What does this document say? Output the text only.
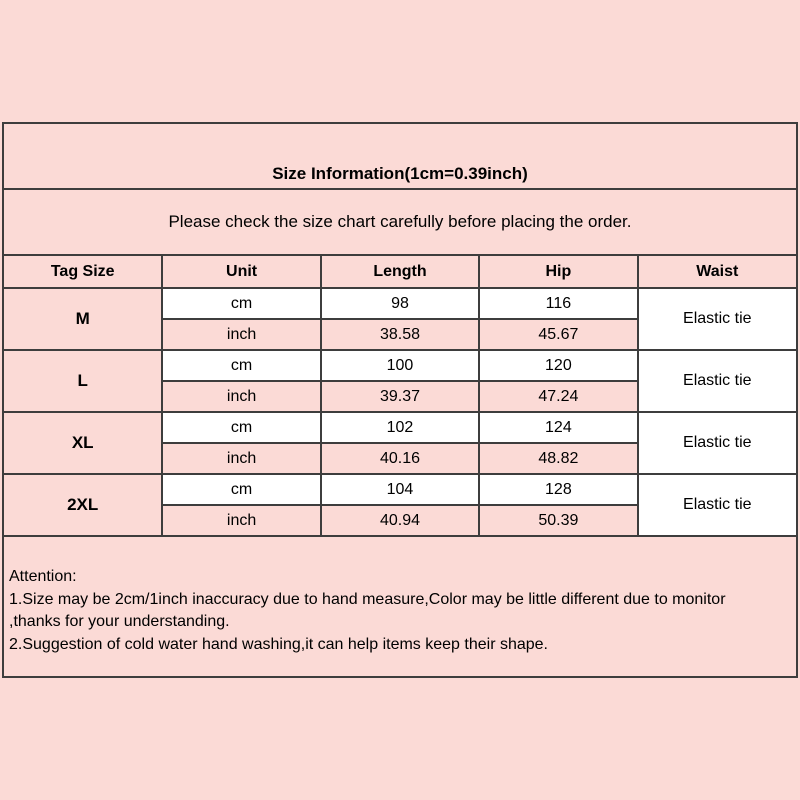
Size Information(1cm=0.39inch)
Please check the size chart carefully before placing the order.
Tag Size	Unit	Length	Hip	Waist
M	cm	98	116	Elastic tie
	inch	38.58	45.67	
L	cm	100	120	Elastic tie
	inch	39.37	47.24	
XL	cm	102	124	Elastic tie
	inch	40.16	48.82	
2XL	cm	104	128	Elastic tie
	inch	40.94	50.39	
Attention:
1.Size may be 2cm/1inch inaccuracy due to hand measure,Color may be little different due to monitor
,thanks for your understanding.
2.Suggestion of cold water hand washing,it can help items keep their shape.
